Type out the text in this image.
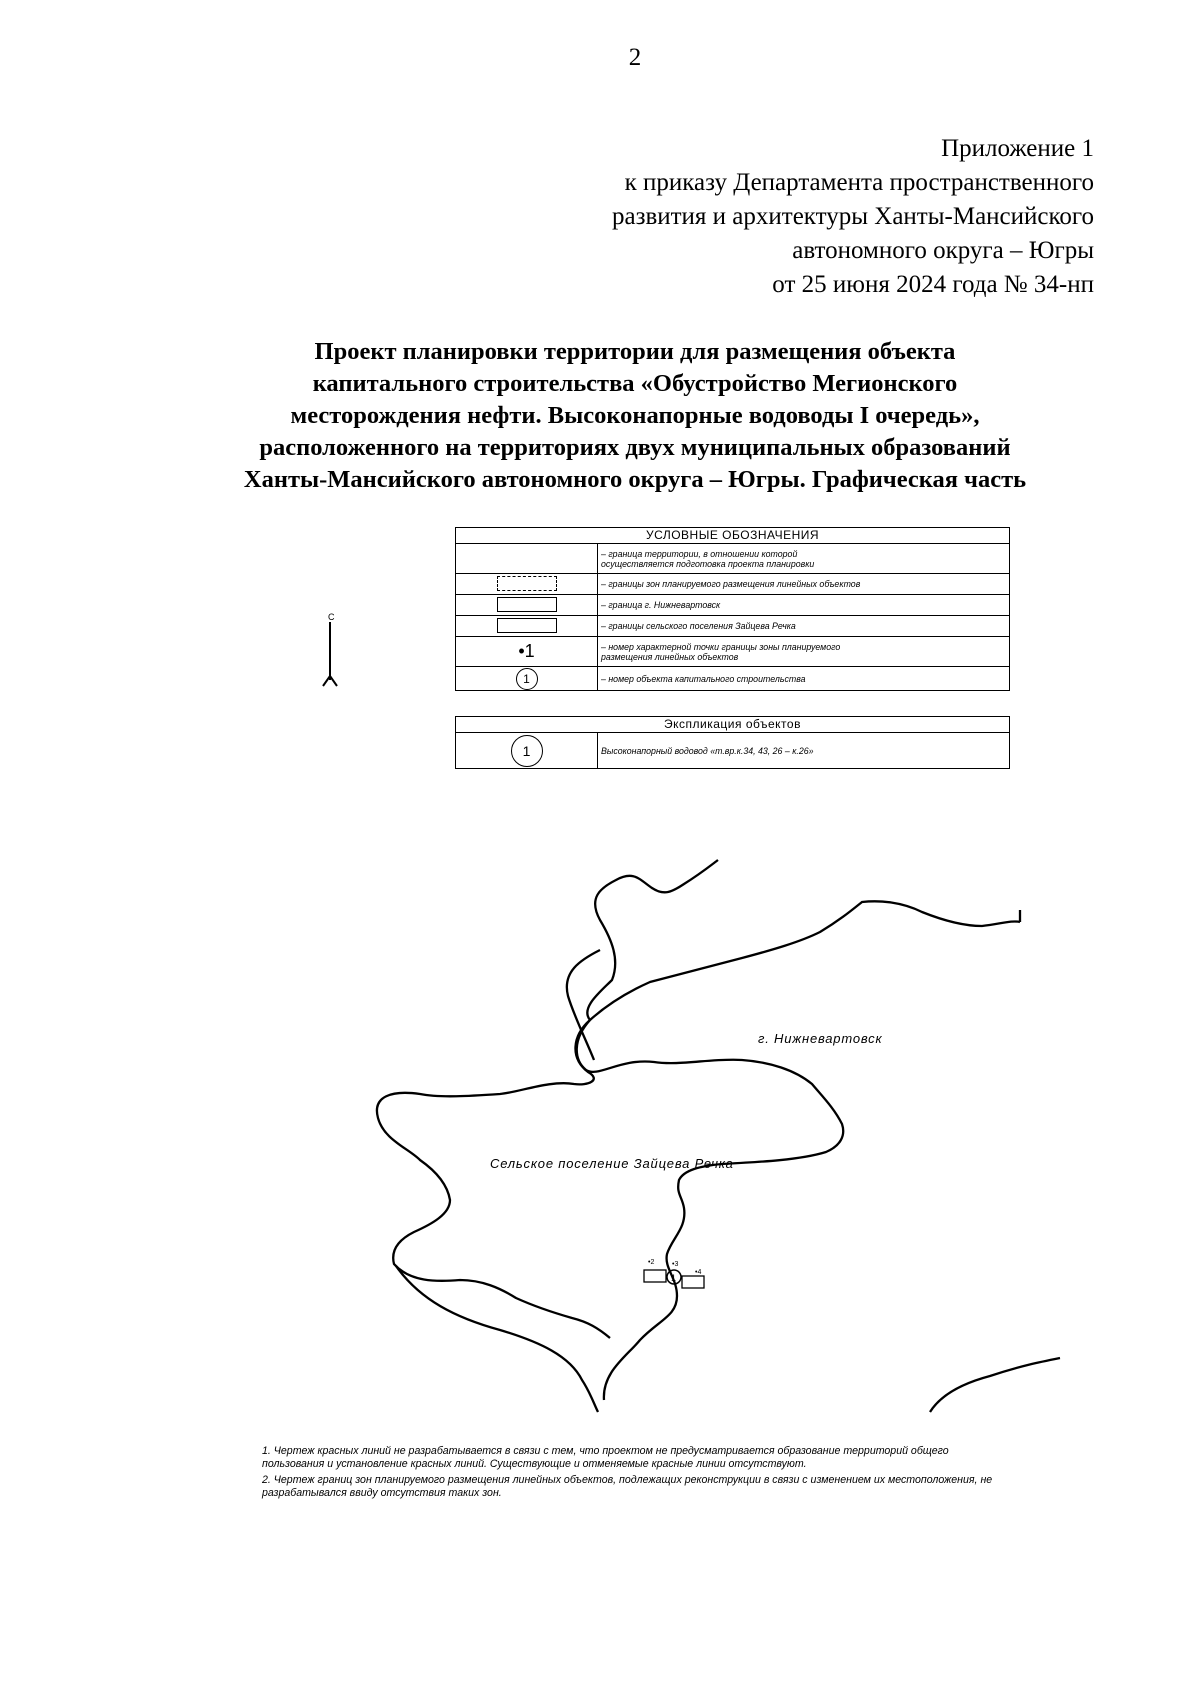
2
Приложение 1
к приказу Департамента пространственного
развития и архитектуры Ханты-Мансийского
автономного округа – Югры
от 25 июня 2024 года № 34-нп
Проект планировки территории для размещения объекта
капитального строительства «Обустройство Мегионского
месторождения нефти. Высоконапорные водоводы I очередь»,
расположенного на территориях двух муниципальных образований
Ханты-Мансийского автономного округа – Югры. Графическая часть
С
УСЛОВНЫЕ ОБОЗНАЧЕНИЯ	

	– граница территории, в отношении которой
осуществляется подготовка проекта планировки

	– границы зон планируемого размещения линейных объектов

	– граница г. Нижневартовск

	– границы сельского поселения Зайцева Речка

•1	– номер характерной точки границы зоны планируемого
размещения линейных объектов

1	– номер объекта капитального строительства
Экспликация объектов
1	Высоконапорный водовод «т.вр.к.34, 43, 26 – к.26»
г. Нижневартовск
Сельское поселение Зайцева Речка
1
•2	•3
•4
1. Чертеж красных линий не разрабатывается в связи с тем, что проектом не предусматривается образование территорий общего пользования и установление красных линий. Существующие и отменяемые красные линии отсутствуют.
2. Чертеж границ зон планируемого размещения линейных объектов, подлежащих реконструкции в связи с изменением их местоположения, не разрабатывался ввиду отсутствия таких зон.
